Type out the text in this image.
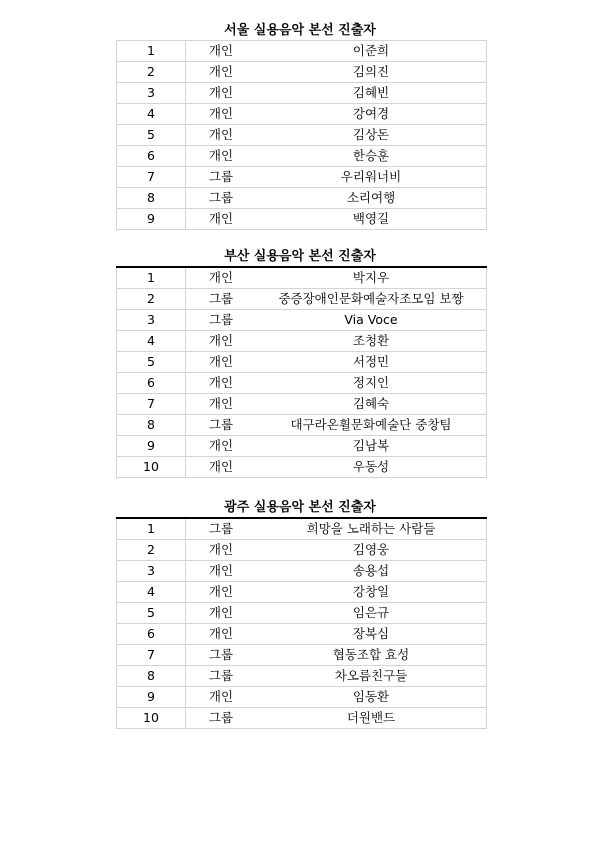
서울 실용음악 본선 진출자
1	개인	이준희
2	개인	김의진
3	개인	김혜빈
4	개인	강여경
5	개인	김상돈
6	개인	한승훈
7	그룹	우리워너비
8	그룹	소리여행
9	개인	백영길
부산 실용음악 본선 진출자
1	개인	박지우
2	그룹	중증장애인문화예술자조모임 보짱
3	그룹	Via Voce
4	개인	조청환
5	개인	서정민
6	개인	정지인
7	개인	김혜숙
8	그룹	대구라온휠문화예술단 중창팀
9	개인	김남복
10	개인	우동성
광주 실용음악 본선 진출자
1	그룹	희망을 노래하는 사람들
2	개인	김영웅
3	개인	송용섭
4	개인	강창일
5	개인	임은규
6	개인	장복심
7	그룹	협동조합 효성
8	그룹	차오름친구들
9	개인	임동환
10	그룹	더원밴드
